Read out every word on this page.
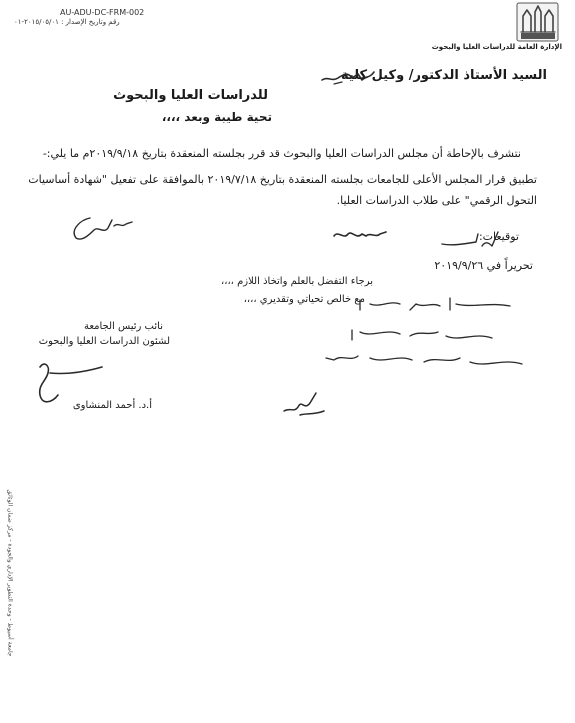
AU-ADU-DC-FRM-002
رقم وتاريخ الإصدار : ٢٠١٥/٠٥/٠١-٠١
الإدارة العامة للدراسات العليا والبحوث
السيد الأستاذ الدكتور/ وكيل كلية
للدراسات العليا والبحوث
تحية طيبة وبعد ،،،،
نتشرف بالإحاطة أن مجلس الدراسات العليا والبحوث قد قرر بجلسته المنعقدة بتاريخ ٢٠١٩/٩/١٨م ما يلي:-
تطبيق قرار المجلس الأعلى للجامعات بجلسته المنعقدة بتاريخ ٢٠١٩/٧/١٨ بالموافقة على تفعيل "شهادة أساسيات التحول الرقمي" على طلاب الدراسات العليا.
توقيعات:
تحريراً في ٢٠١٩/٩/٢٦
برجاء التفضل بالعلم واتخاذ اللازم ،،،،
مع خالص تحياتي وتقديري ،،،،
نائب رئيس الجامعة
لشئون الدراسات العليا والبحوث
أ.د. أحمد المنشاوى
جامعة أسيوط - وحدة التطوير الإداري والجودة - مركز ضمان الوثائق
